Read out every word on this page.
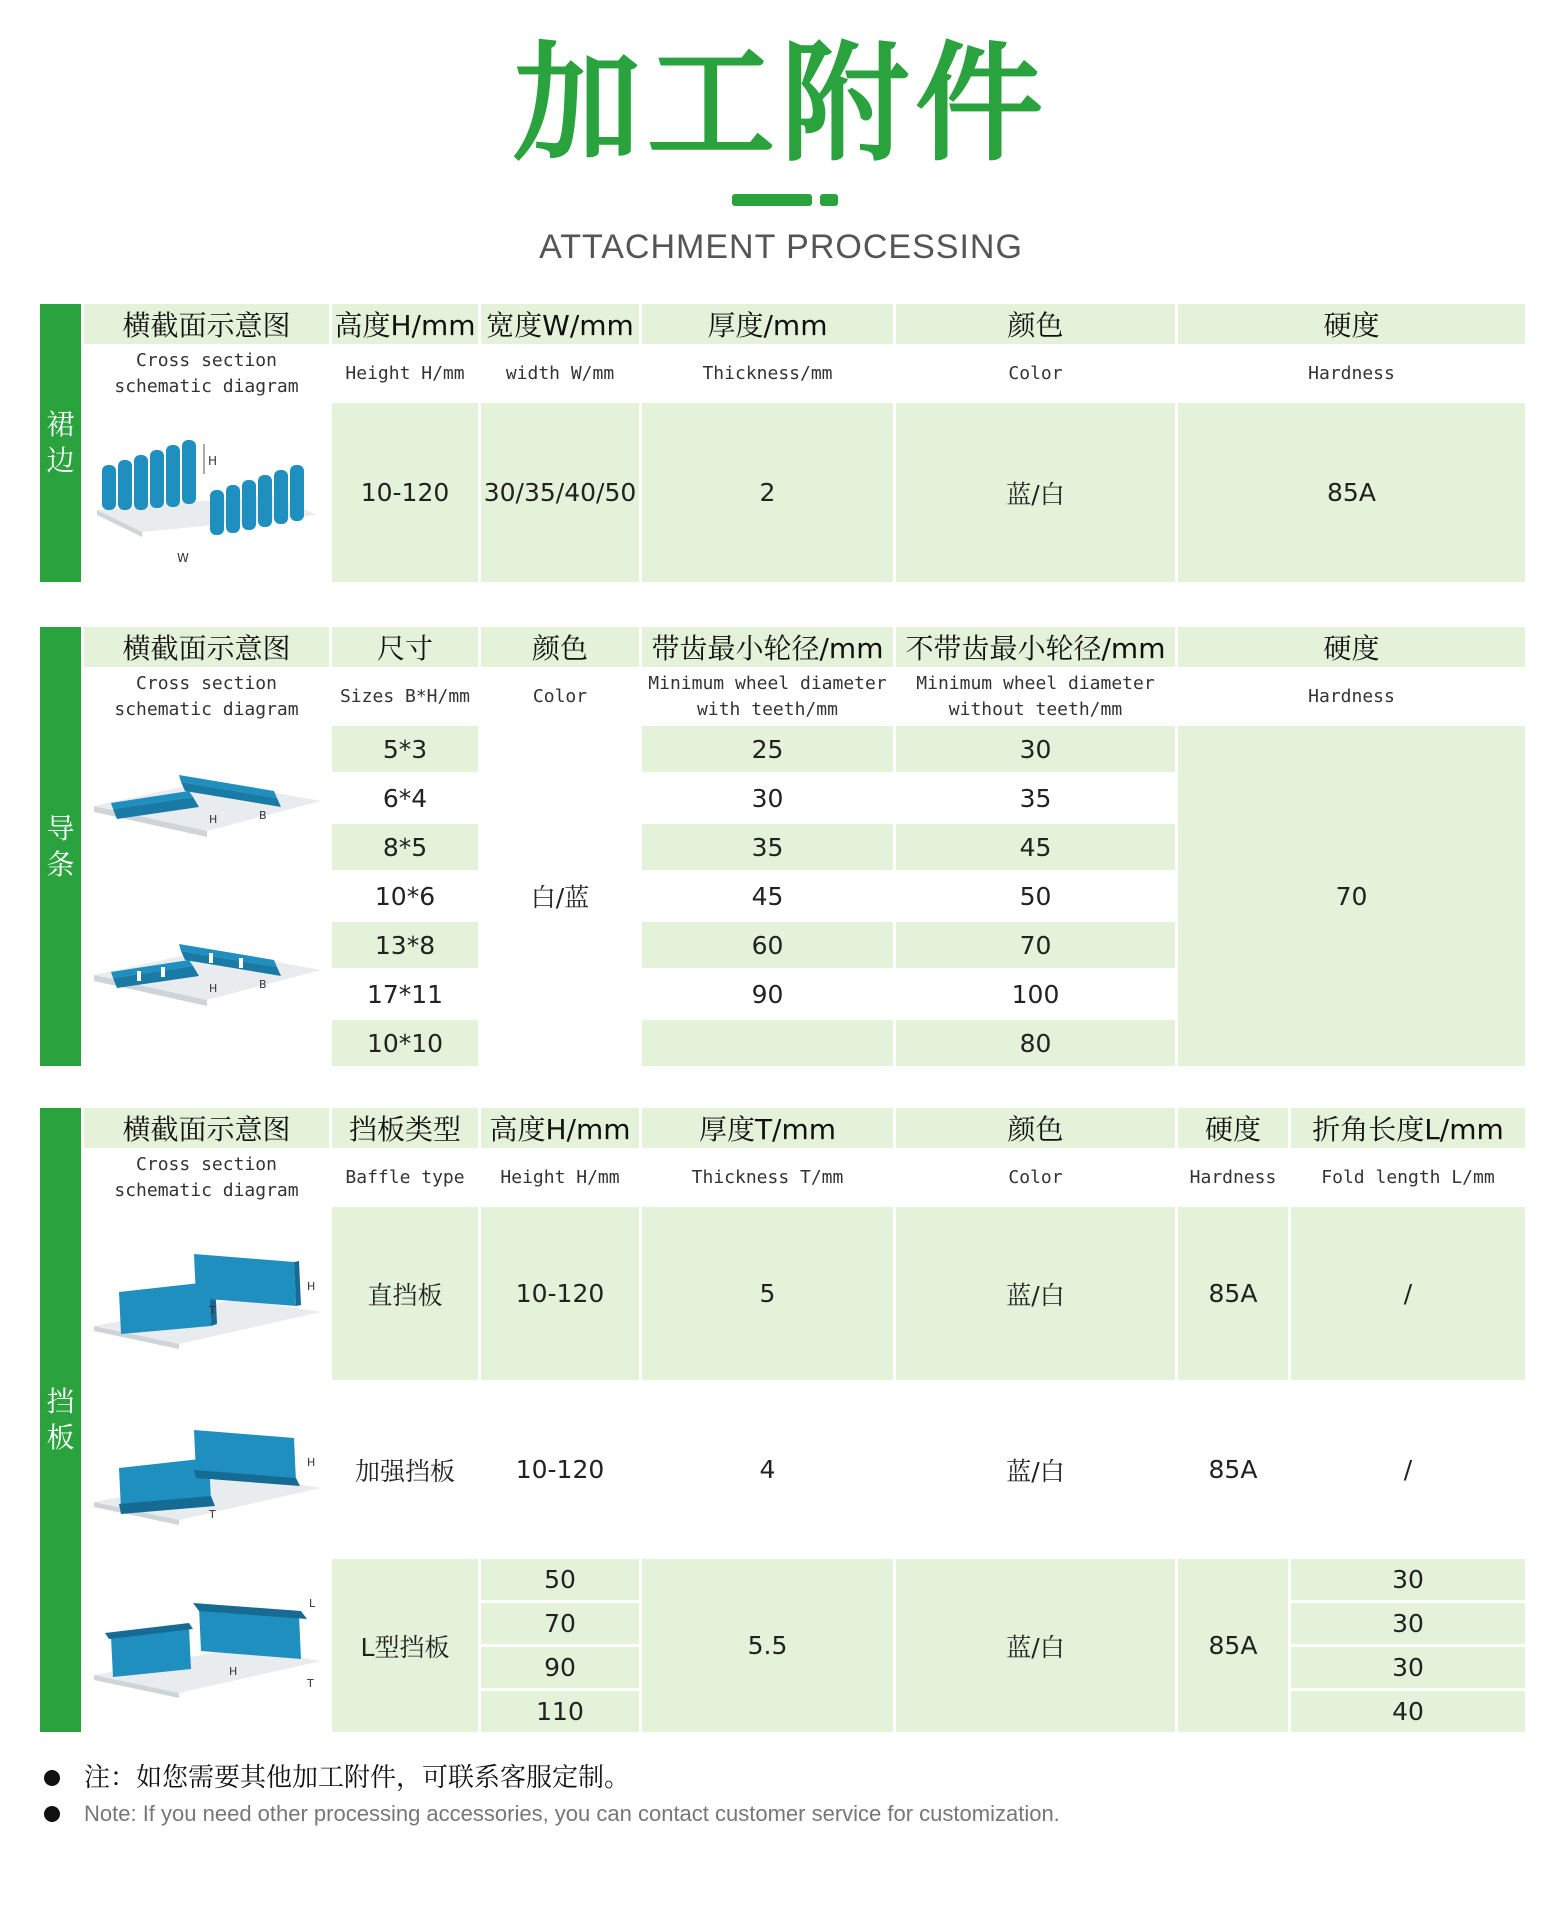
加工附件
ATTACHMENT PROCESSING
裙
边	横截面示意图	高度H/mm	宽度W/mm	厚度/mm	颜色	硬度
	Cross section schematic diagram	Height H/mm	width W/mm	Thickness/mm	Color	Hardness

H
W	10-120	30/35/40/50	2	蓝/白	85A
导
条	横截面示意图	尺寸	颜色	带齿最小轮径/mm	不带齿最小轮径/mm	硬度
	Cross section schematic diagram	Sizes B*H/mm	Color	Minimum wheel diameter with teeth/mm	Minimum wheel diameter without teeth/mm	Hardness

H B	5*3	白/蓝	25	30	70
		6*4		30	35	
		8*5		35	45	

H B	10*6		45	50	
		13*8		60	70	
		17*11		90	100	
		10*10			80	
挡
板	横截面示意图	挡板类型	高度H/mm	厚度T/mm	颜色	硬度	折角长度L/mm
	Cross section schematic diagram	Baffle type	Height H/mm	Thickness T/mm	Color	Hardness	Fold length L/mm

T
H	直挡板	10-120	5	蓝/白	85A	/

T
H	加强挡板	10-120	4	蓝/白	85A	/

H
L
T	L型挡板	50	5.5	蓝/白	85A	30
			70				30
			90				30
			110				40
注：如您需要其他加工附件，可联系客服定制。
Note: If you need other processing accessories, you can contact customer service for customization.
